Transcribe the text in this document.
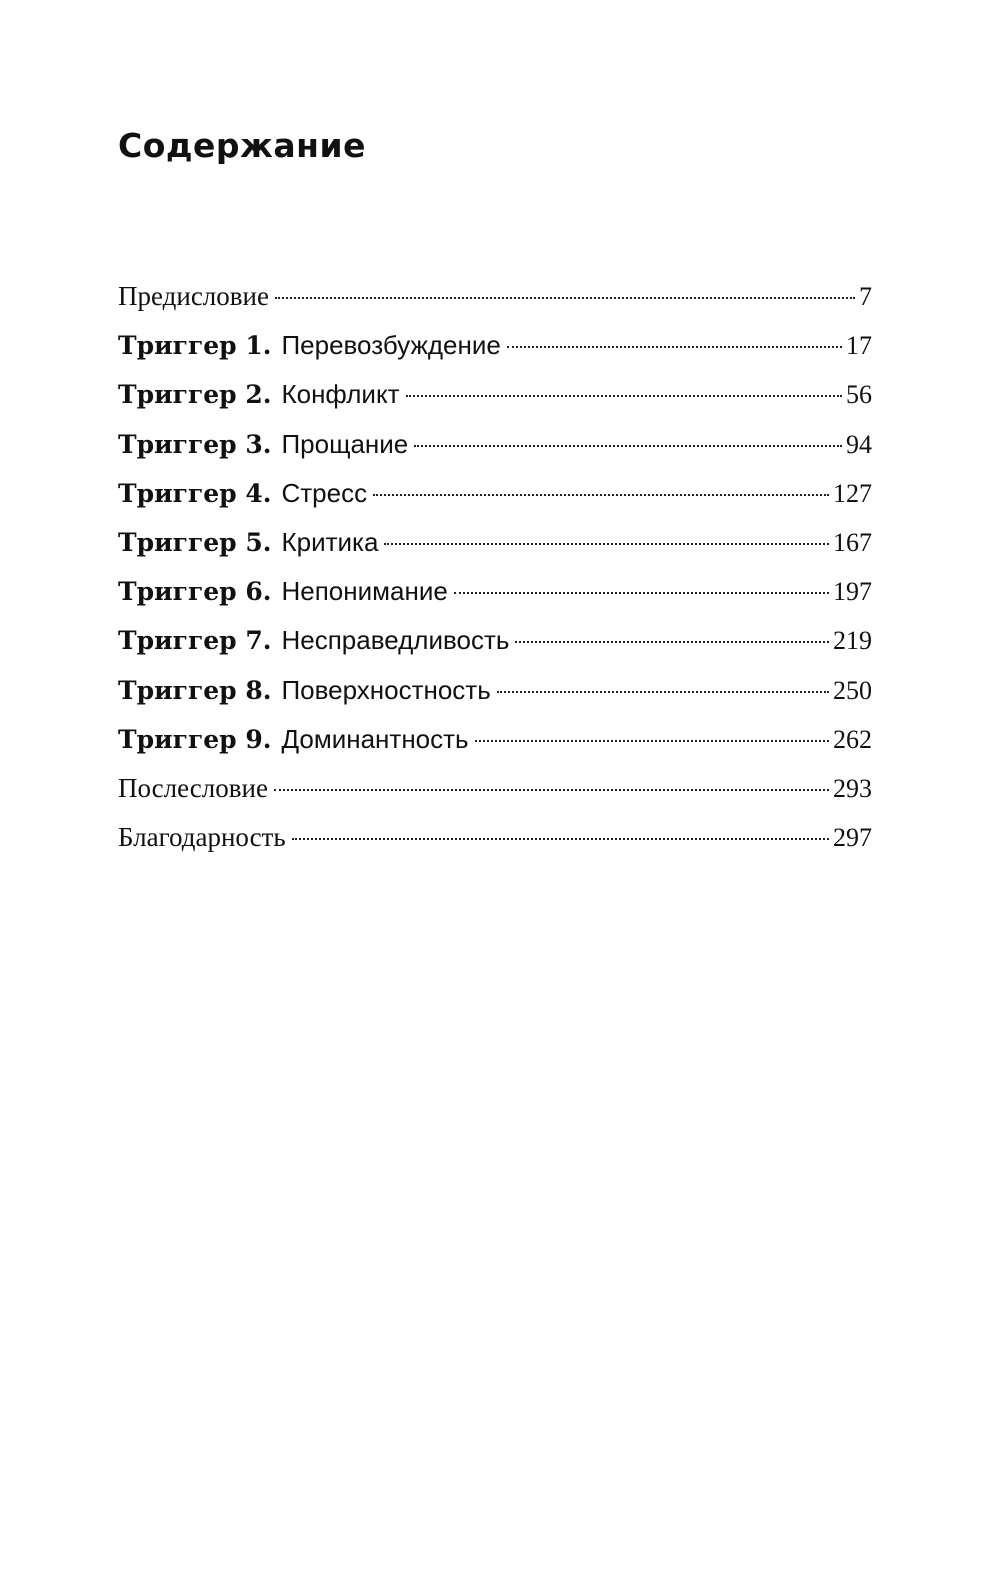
Содержание
Предисловие	7
Триггер 1. Перевозбуждение	17
Триггер 2. Конфликт	56
Триггер 3. Прощание	94
Триггер 4. Стресс	127
Триггер 5. Критика	167
Триггер 6. Непонимание	197
Триггер 7. Несправедливость	219
Триггер 8. Поверхностность	250
Триггер 9. Доминантность	262
Послесловие	293
Благодарность	297
